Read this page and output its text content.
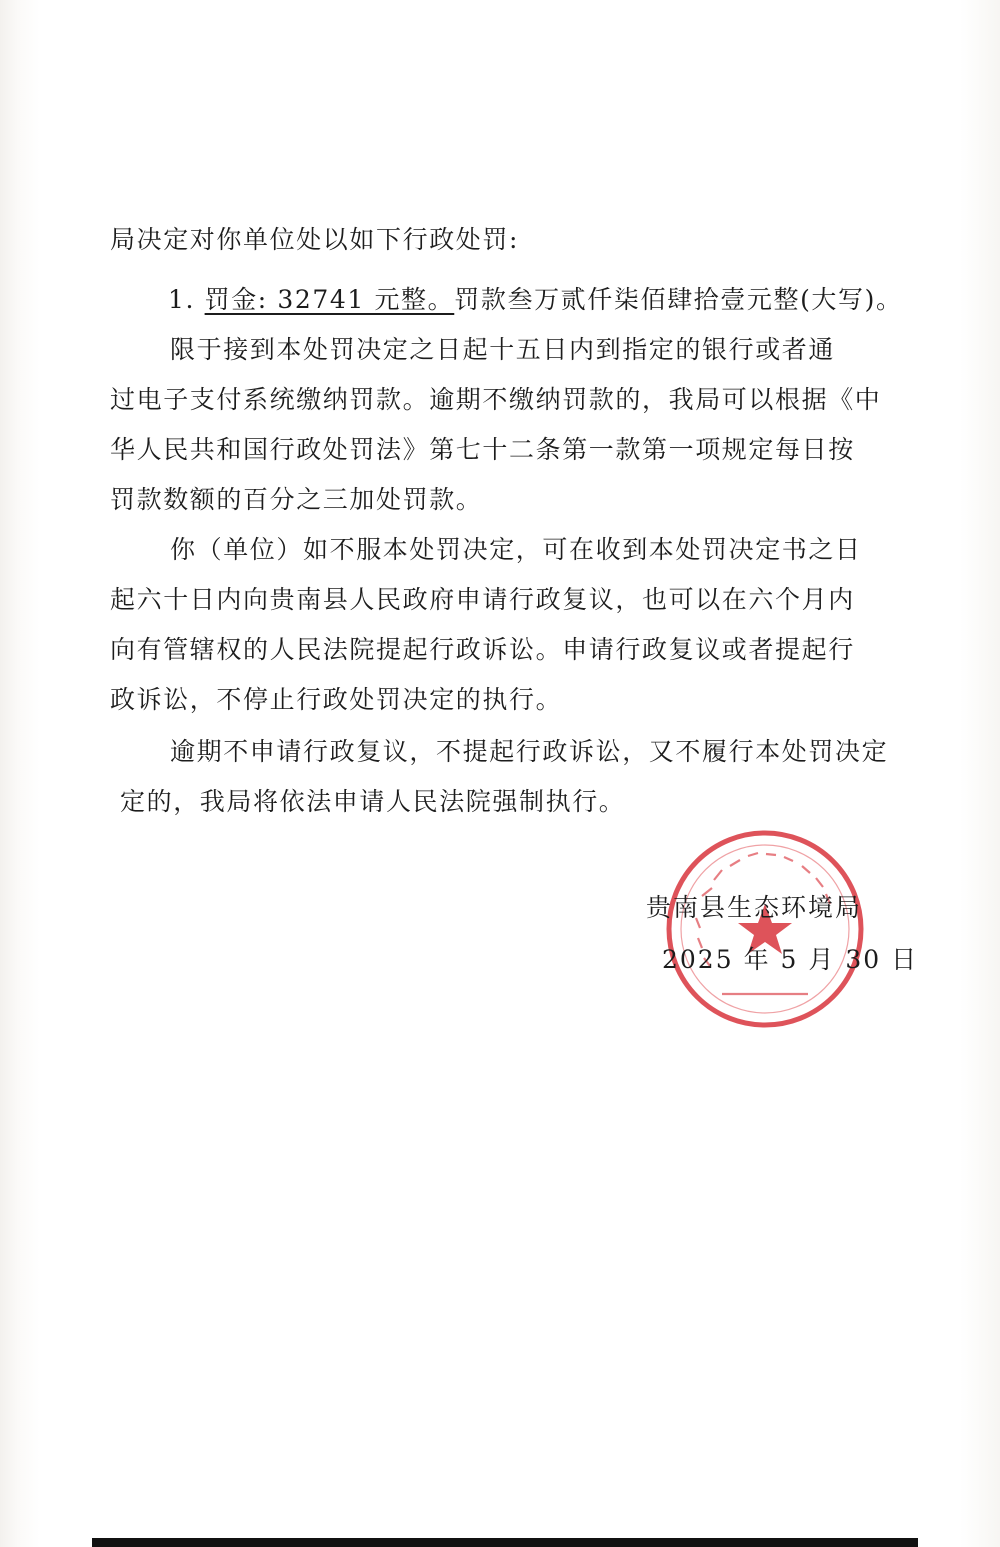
局决定对你单位处以如下行政处罚:
1. 罚金: 32741 元整。罚款叁万贰仟柒佰肆拾壹元整(大写)。
限于接到本处罚决定之日起十五日内到指定的银行或者通
过电子支付系统缴纳罚款。逾期不缴纳罚款的，我局可以根据《中
华人民共和国行政处罚法》第七十二条第一款第一项规定每日按
罚款数额的百分之三加处罚款。
你（单位）如不服本处罚决定，可在收到本处罚决定书之日
起六十日内向贵南县人民政府申请行政复议，也可以在六个月内
向有管辖权的人民法院提起行政诉讼。申请行政复议或者提起行
政诉讼，不停止行政处罚决定的执行。
逾期不申请行政复议，不提起行政诉讼，又不履行本处罚决定
定的，我局将依法申请人民法院强制执行。
贵南县生态环境局
2025 年 5 月 30 日
